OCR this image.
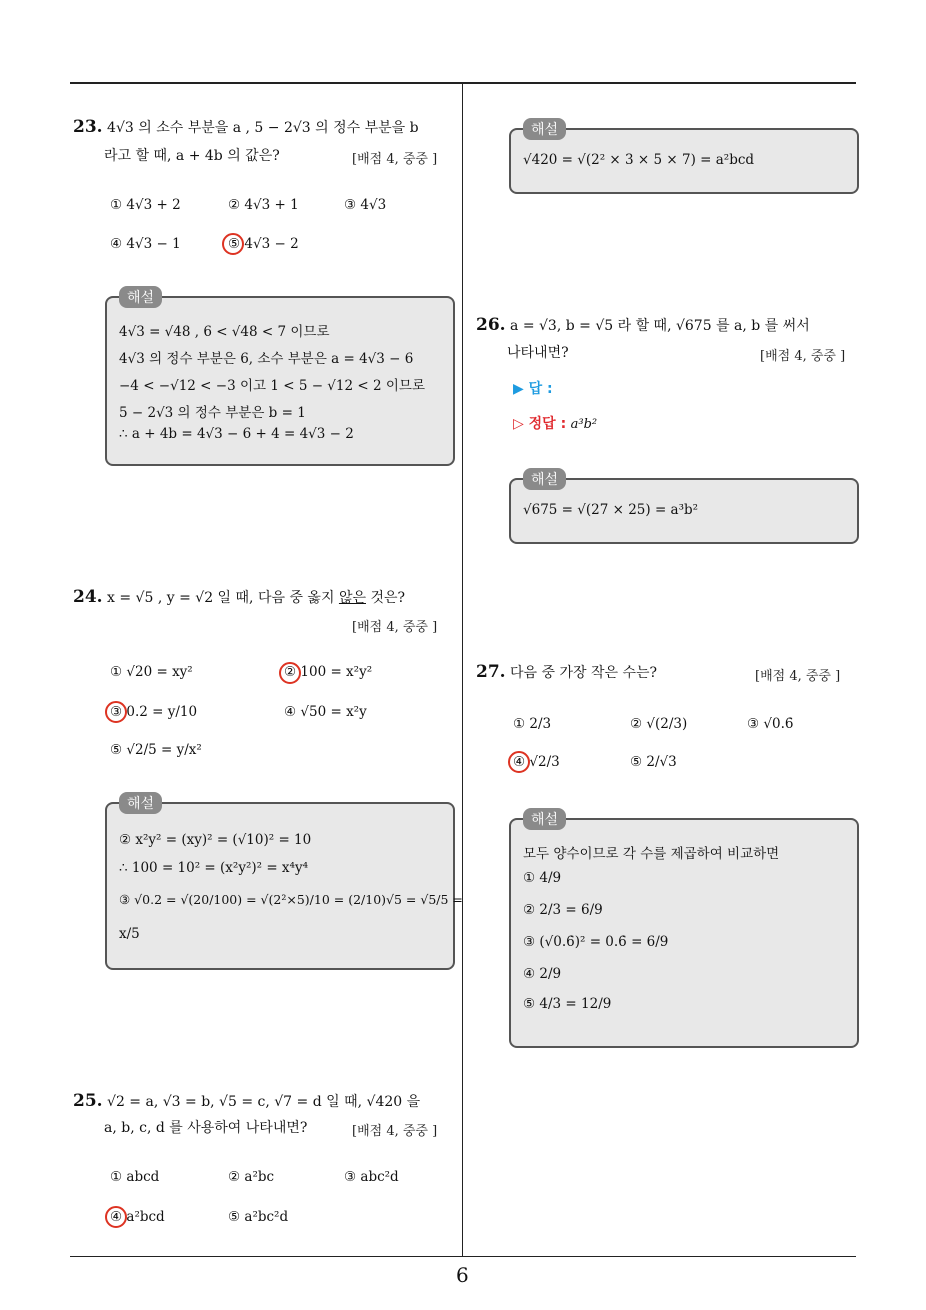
23. 4√3 의 소수 부분을 a , 5 − 2√3 의 정수 부분을 b
라고 할 때, a + 4b 의 값은?	[배점 4, 중중 ]
① 4√3 + 2	② 4√3 + 1	③ 4√3
④ 4√3 − 1	⑤ 4√3 − 2
해설
4√3 = √48 , 6 < √48 < 7 이므로
4√3 의 정수 부분은 6, 소수 부분은 a = 4√3 − 6
−4 < −√12 < −3 이고 1 < 5 − √12 < 2 이므로
5 − 2√3 의 정수 부분은 b = 1
∴ a + 4b = 4√3 − 6 + 4 = 4√3 − 2
24. x = √5 , y = √2 일 때, 다음 중 옳지 않은 것은?
[배점 4, 중중 ]
① √20 = xy²	② 100 = x²y²
③ 0.2 = y/10	④ √50 = x²y
⑤ √2/5 = y/x²
해설
② x²y² = (xy)² = (√10)² = 10
∴ 100 = 10² = (x²y²)² = x⁴y⁴
③ √0.2 = √(20/100) = √(2²×5)/10 = (2/10)√5 = √5/5 =
x/5
25. √2 = a, √3 = b, √5 = c, √7 = d 일 때, √420 을
a, b, c, d 를 사용하여 나타내면?	[배점 4, 중중 ]
① abcd	② a²bc	③ abc²d
④ a²bcd	⑤ a²bc²d
해설
√420 = √(2² × 3 × 5 × 7) = a²bcd
26. a = √3, b = √5 라 할 때, √675 를 a, b 를 써서
나타내면?	[배점 4, 중중 ]
▶ 답 :
▷ 정답 : a³b²
해설
√675 = √(27 × 25) = a³b²
27. 다음 중 가장 작은 수는?	[배점 4, 중중 ]
① 2/3	② √(2/3)	③ √0.6̇
④ √2/3	⑤ 2/√3
해설
모두 양수이므로 각 수를 제곱하여 비교하면
① 4/9
② 2/3 = 6/9
③ (√0.6̇)² = 0.6̇ = 6/9
④ 2/9
⑤ 4/3 = 12/9
6
